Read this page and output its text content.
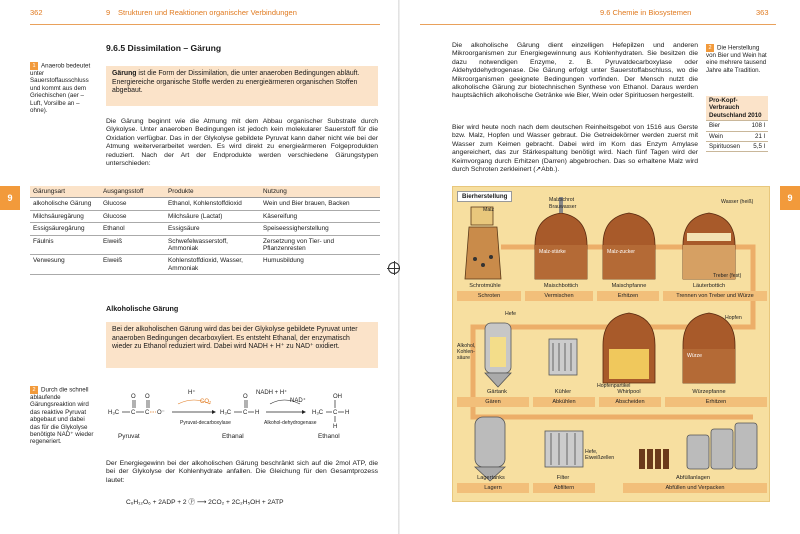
362	9 Strukturen und Reaktionen organischer Verbindungen
9
1 Anaerob bedeutet unter Sauerstoffausschluss und kommt aus dem Griechischen (aer – Luft, Vorsilbe an – ohne).
9.6.5 Dissimilation – Gärung
Gärung ist die Form der Dissimilation, die unter anaeroben Bedingungen abläuft. Energiereiche organische Stoffe werden zu energieärmeren organischen Stoffen abgebaut.
Die Gärung beginnt wie die Atmung mit dem Abbau organischer Substrate durch Glykolyse. Unter anaeroben Bedingungen ist jedoch kein molekularer Sauerstoff für die Oxidation verfügbar. Das in der Glykolyse gebildete Pyruvat kann daher nicht wie bei der Atmung weiterverarbeitet werden. Es wird direkt zu energieärmeren Folgeprodukten reduziert. Nach der Art der Endprodukte werden verschiedene Gärungstypen unterschieden:
Gärungsart	Ausgangsstoff	Produkte	Nutzung
alkoholische Gärung	Glucose	Ethanol, Kohlenstoffdioxid	Wein und Bier brauen, Backen
Milchsäuregärung	Glucose	Milchsäure (Lactat)	Käsereifung
Essigsäuregärung	Ethanol	Essigsäure	Speiseessigherstellung
Fäulnis	Eiweiß	Schwefelwasserstoff, Ammoniak	Zersetzung von Tier- und Pflanzenresten
Verwesung	Eiweiß	Kohlenstoffdioxid, Wasser, Ammoniak	Humusbildung
Alkoholische Gärung
Bei der alkoholischen Gärung wird das bei der Glykolyse gebildete Pyruvat unter anaeroben Bedingungen decarboxyliert. Es entsteht Ethanal, der enzymatisch wieder zu Ethanol reduziert wird. Dabei wird NADH + H⁺ zu NAD⁺ oxidiert.
2 Durch die schnell ablaufende Gärungsreaktion wird das reaktive Pyruvat abgebaut und dabei das für die Glykolyse benötigte NAD⁺ wieder regeneriert.
H₃C C
O
C
O
O⁻
H⁺
CO₂
Pyruvat-decarboxylase
H₃C C
O
H
NADH + H⁺
NAD⁺
Alkohol-dehydrogenase
H₃C C
OH
H
H
Pyruvat	Ethanal	Ethanol
Der Energiegewinn bei der alkoholischen Gärung beschränkt sich auf die 2mol ATP, die bei der Glykolyse der Kohlenhydrate anfallen. Die Gleichung für den Gesamtprozess lautet:
C₆H₁₂O₆ + 2ADP + 2 Ⓟ ⟶ 2CO₂ + 2C₂H₅OH + 2ATP
9.6 Chemie in Biosystemen	363
9
Die alkoholische Gärung dient einzelligen Hefepilzen und anderen Mikroorganismen zur Energiegewinnung aus Kohlenhydraten. Sie besitzen die dazu notwendigen Enzyme, z. B. Pyruvatdecarboxylase oder Aldehyddehydrogenase. Die Gärung erfolgt unter Sauerstoffabschluss, wo die Mikroorganismen geeignete Bedingungen vorfinden. Der Mensch nutzt die alkoholische Gärung zur biotechnischen Synthese von Ethanol. Daraus werden hauptsächlich alkoholische Getränke wie Bier, Wein oder Spirituosen hergestellt.
Bier wird heute noch nach dem deutschen Reinheitsgebot von 1516 aus Gerste bzw. Malz, Hopfen und Wasser gebraut. Die Getreidekörner werden zuerst mit Wasser zum Keimen gebracht. Dabei wird im Korn das Enzym Amylase angereichert, das zur Stärkespaltung benötigt wird. Nach fünf Tagen wird der Keimvorgang durch Erhitzen (Darren) abgebrochen. Das so erhaltene Malz wird durch Schroten zerkleinert (↗Abb.).
2 Die Herstellung von Bier und Wein hat eine mehrere tausend Jahre alte Tradition.
Pro-Kopf-Verbrauch Deutschland 2010	
Bier	108 l
Wein	21 l
Spirituosen	5,5 l
Bierherstellung
Malz
Malzschrot
Brauwasser
Wasser (heiß)
Malz-stärke	Malz-zucker
Treber (fest)
Hefe
Hopfen
Alkohol, Kohlen-säure
Hopfenpartikel
Würze
Hefe, Eiweißzellen
Schrotmühle	Maischbottich	Maischpfanne	Läuterbottich
Schroten	Vermischen	Erhitzen	Trennen von Treber und Würze
Gärtank	Kühler	Whirlpool	Würzepfanne
Gären	Abkühlen	Abscheiden	Erhitzen
Lagertanks	Filter	Abfüllanlagen
Lagern	Abfiltern	Abfüllen und Verpacken
